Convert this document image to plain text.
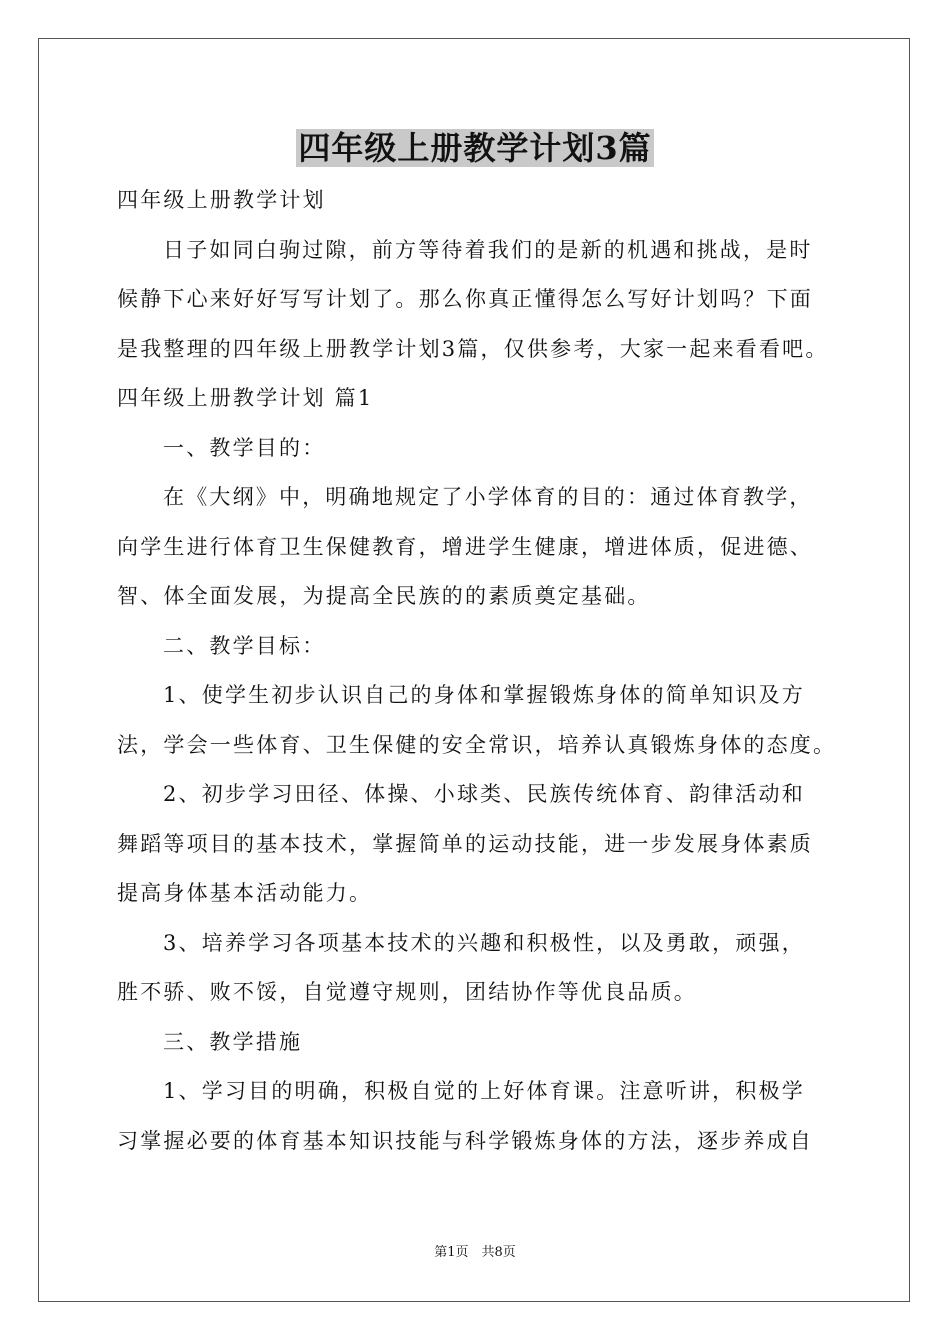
四年级上册教学计划3篇

四年级上册教学计划

日子如同白驹过隙，前方等待着我们的是新的机遇和挑战，是时

候静下心来好好写写计划了。那么你真正懂得怎么写好计划吗？下面

是我整理的四年级上册教学计划3篇，仅供参考，大家一起来看看吧。

四年级上册教学计划 篇1

一、教学目的：

在《大纲》中，明确地规定了小学体育的目的：通过体育教学，

向学生进行体育卫生保健教育，增进学生健康，增进体质，促进德、

智、体全面发展，为提高全民族的的素质奠定基础。

二、教学目标：

1、使学生初步认识自己的身体和掌握锻炼身体的简单知识及方

法，学会一些体育、卫生保健的安全常识，培养认真锻炼身体的态度。

2、初步学习田径、体操、小球类、民族传统体育、韵律活动和

舞蹈等项目的基本技术，掌握简单的运动技能，进一步发展身体素质

提高身体基本活动能力。

3、培养学习各项基本技术的兴趣和积极性，以及勇敢，顽强，

胜不骄、败不馁，自觉遵守规则，团结协作等优良品质。

三、教学措施

1、学习目的明确，积极自觉的上好体育课。注意听讲，积极学

习掌握必要的体育基本知识技能与科学锻炼身体的方法，逐步养成自

第1页　共8页
